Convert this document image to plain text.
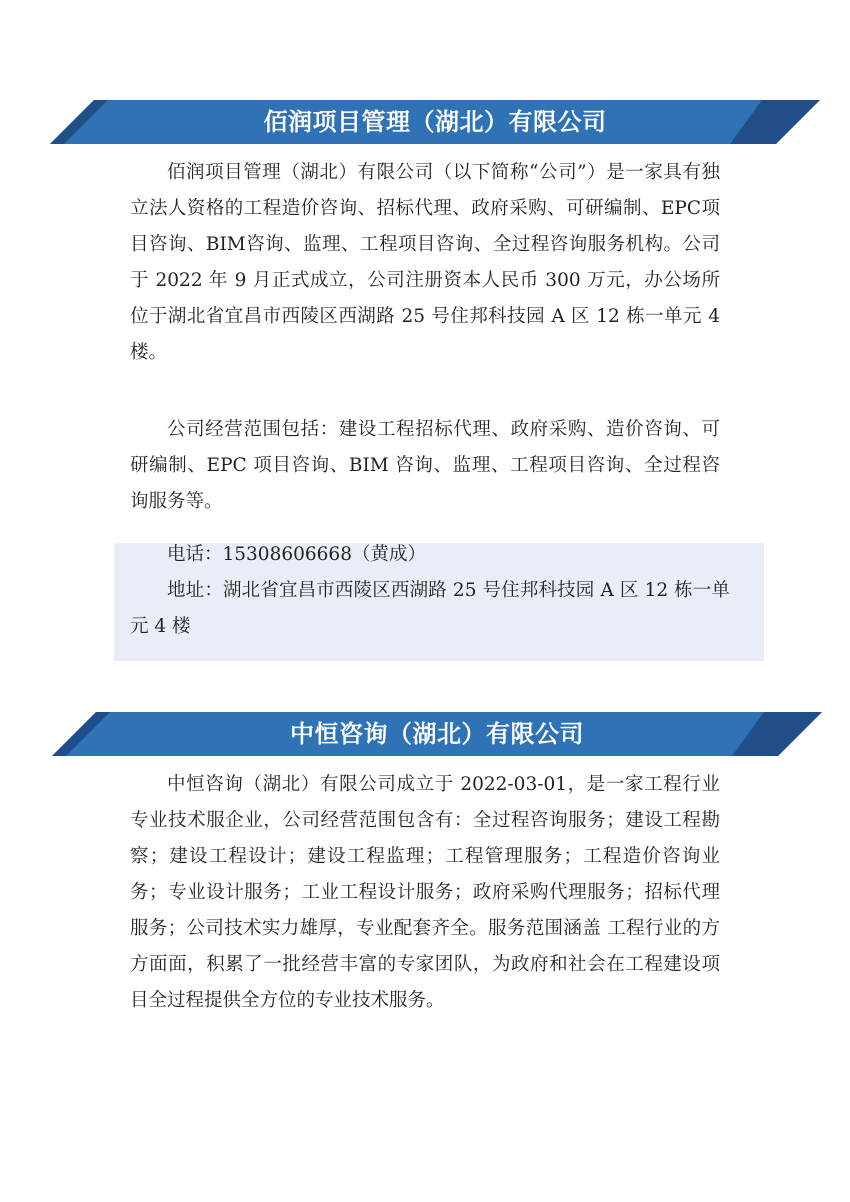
佰润项目管理（湖北）有限公司

佰润项目管理（湖北）有限公司（以下简称“公司”）是一家具有独立法人资格的工程造价咨询、招标代理、政府采购、可研编制、EPC项目咨询、BIM咨询、监理、工程项目咨询、全过程咨询服务机构。公司于 2022 年 9 月正式成立，公司注册资本人民币 300 万元，办公场所位于湖北省宜昌市西陵区西湖路 25 号住邦科技园 A 区 12 栋一单元 4 楼。

公司经营范围包括：建设工程招标代理、政府采购、造价咨询、可研编制、EPC 项目咨询、BIM 咨询、监理、工程项目咨询、全过程咨询服务等。

电话：15308606668（黄成）

地址：湖北省宜昌市西陵区西湖路 25 号住邦科技园 A 区 12 栋一单元 4 楼

中恒咨询（湖北）有限公司

中恒咨询（湖北）有限公司成立于 2022-03-01，是一家工程行业专业技术服企业，公司经营范围包含有：全过程咨询服务；建设工程勘察；建设工程设计；建设工程监理；工程管理服务；工程造价咨询业务；专业设计服务；工业工程设计服务；政府采购代理服务；招标代理服务；公司技术实力雄厚，专业配套齐全。服务范围涵盖 工程行业的方方面面，积累了一批经营丰富的专家团队，为政府和社会在工程建设项目全过程提供全方位的专业技术服务。
